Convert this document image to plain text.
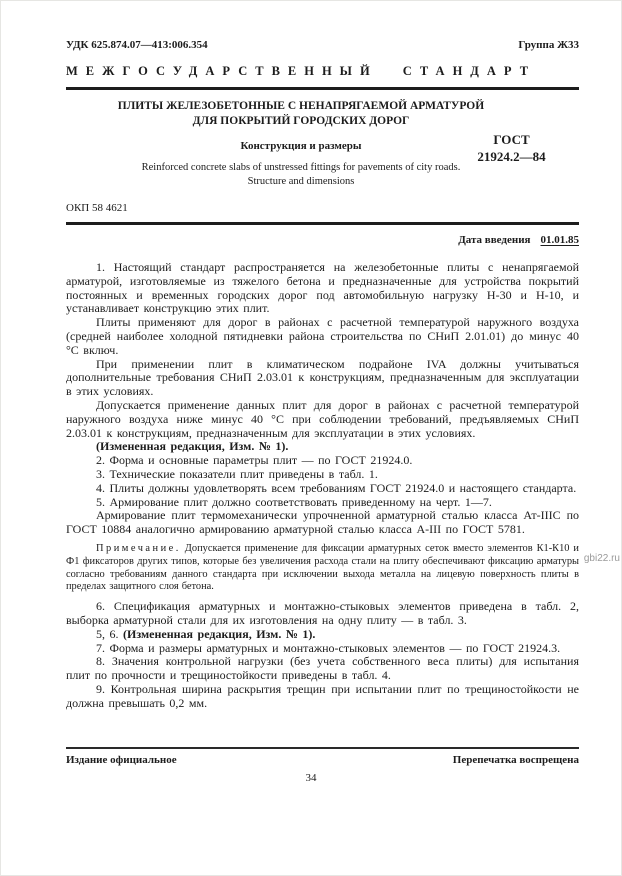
УДК 625.874.07—413:006.354	Группа Ж33
МЕЖГОСУДАРСТВЕННЫЙ СТАНДАРТ

ПЛИТЫ ЖЕЛЕЗОБЕТОННЫЕ С НЕНАПРЯГАЕМОЙ АРМАТУРОЙ

ДЛЯ ПОКРЫТИЙ ГОРОДСКИХ ДОРОГ

Конструкция и размеры

Reinforced concrete slabs of unstressed fittings for pavements of city roads.

Structure and dimensions

ГОСТ
21924.2—84
ОКП 58 4621
Дата введения 01.01.85

1. Настоящий стандарт распространяется на железобетонные плиты с ненапрягаемой арматурой, изготовляемые из тяжелого бетона и предназначенные для устройства покрытий постоянных и временных городских дорог под автомобильную нагрузку Н-30 и Н-10, и устанавливает конструкцию этих плит.

Плиты применяют для дорог в районах с расчетной температурой наружного воздуха (средней наиболее холодной пятидневки района строительства по СНиП 2.01.01) до минус 40 °С включ.

При применении плит в климатическом подрайоне IVA должны учитываться дополнительные требования СНиП 2.03.01 к конструкциям, предназначенным для эксплуатации в этих условиях.

Допускается применение данных плит для дорог в районах с расчетной температурой наружного воздуха ниже минус 40 °С при соблюдении требований, предъявляемых СНиП 2.03.01 к конструкциям, предназначенным для эксплуатации в этих условиях.

(Измененная редакция, Изм. № 1).

2. Форма и основные параметры плит — по ГОСТ 21924.0.

3. Технические показатели плит приведены в табл. 1.

4. Плиты должны удовлетворять всем требованиям ГОСТ 21924.0 и настоящего стандарта.

5. Армирование плит должно соответствовать приведенному на черт. 1—7.

Армирование плит термомеханически упрочненной арматурной сталью класса Ат-IIIС по ГОСТ 10884 аналогично армированию арматурной сталью класса А-III по ГОСТ 5781.

Примечание. Допускается применение для фиксации арматурных сеток вместо элементов К1-К10 и Ф1 фиксаторов других типов, которые без увеличения расхода стали на плиту обеспечивают фиксацию арматуры согласно требованиям данного стандарта при исключении выхода металла на лицевую поверхность плиты в пределах защитного слоя бетона.

6. Спецификация арматурных и монтажно-стыковых элементов приведена в табл. 2, выборка арматурной стали для их изготовления на одну плиту — в табл. 3.

5, 6. (Измененная редакция, Изм. № 1).

7. Форма и размеры арматурных и монтажно-стыковых элементов — по ГОСТ 21924.3.

8. Значения контрольной нагрузки (без учета собственного веса плиты) для испытания плит по прочности и трещиностойкости приведены в табл. 4.

9. Контрольная ширина раскрытия трещин при испытании плит по трещиностойкости не должна превышать 0,2 мм.

gbi22.ru
Издание официальное	Перепечатка воспрещена
34
